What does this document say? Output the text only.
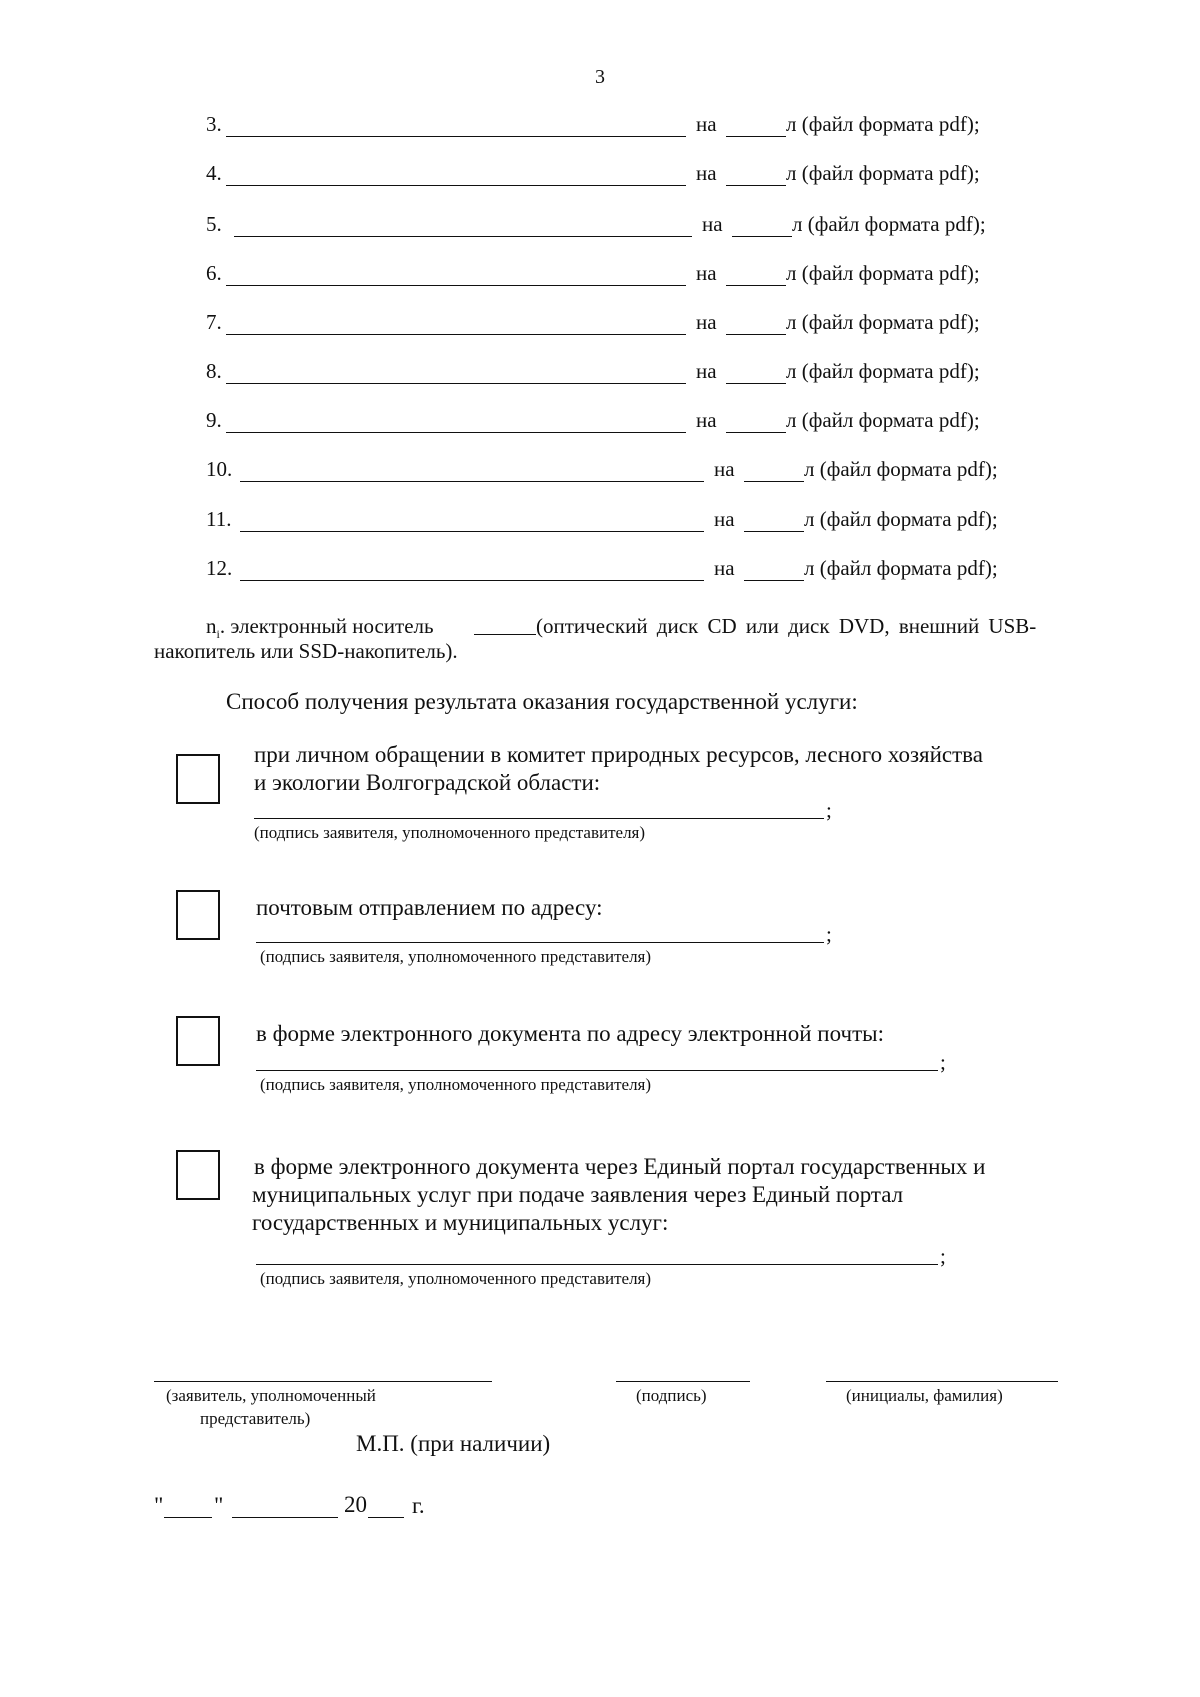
3
3.	на	л (файл формата pdf);
4.	на	л (файл формата pdf);
5.	на	л (файл формата pdf);
6.	на	л (файл формата pdf);
7.	на	л (файл формата pdf);
8.	на	л (файл формата pdf);
9.	на	л (файл формата pdf);
10.	на	л (файл формата pdf);
11.	на	л (файл формата pdf);
12.	на	л (файл формата pdf);
$n_i$. электронный носитель	(оптический диск CD или диск DVD, внешний USB-
накопитель или SSD-накопитель).
Способ получения результата оказания государственной услуги:
при личном обращении в комитет природных ресурсов, лесного хозяйства
и экологии Волгоградской области:
;
(подпись заявителя, уполномоченного представителя)
почтовым отправлением по адресу:
;
(подпись заявителя, уполномоченного представителя)
в форме электронного документа по адресу электронной почты:
;
(подпись заявителя, уполномоченного представителя)
в форме электронного документа через Единый портал государственных и
муниципальных услуг при подаче заявления через Единый портал
государственных и муниципальных услуг:
;
(подпись заявителя, уполномоченного представителя)
(заявитель, уполномоченный
представитель)
(подпись)	(инициалы, фамилия)
М.П. (при наличии)
" "	20 г.
